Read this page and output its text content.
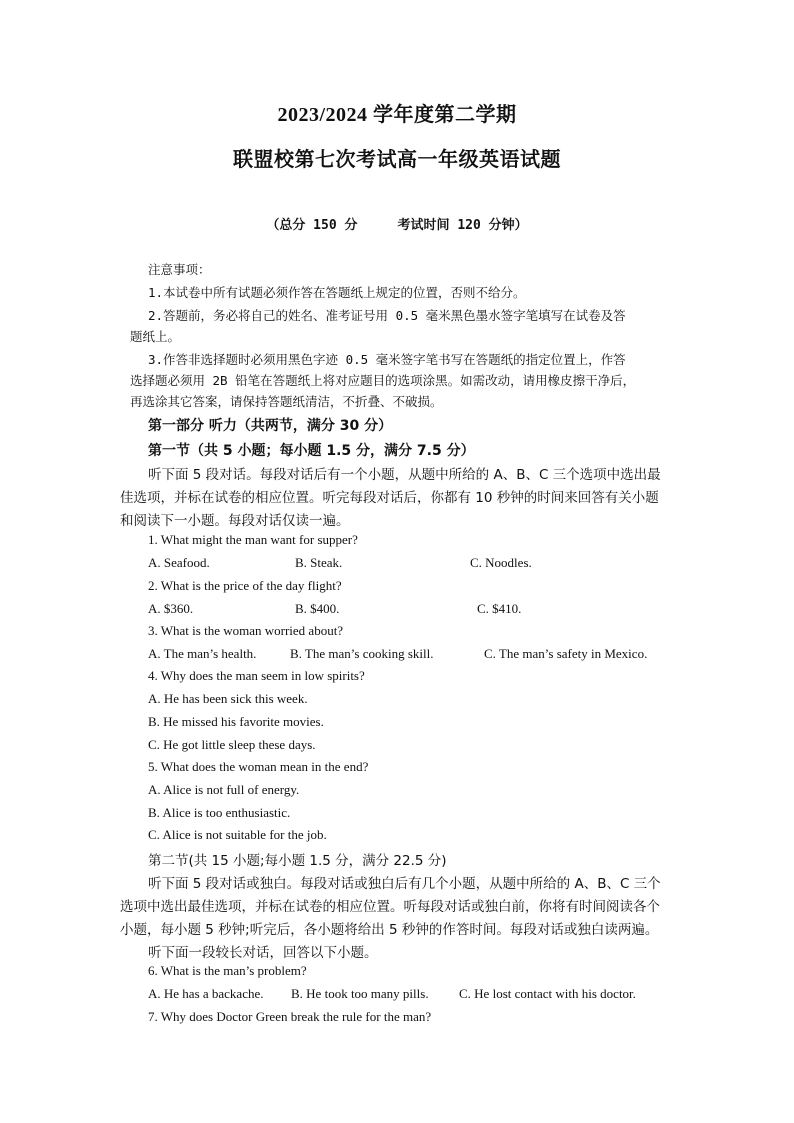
2023/2024 学年度第二学期
联盟校第七次考试高一年级英语试题
（总分 150 分	考试时间 120 分钟）

注意事项：

1.本试卷中所有试题必须作答在答题纸上规定的位置，否则不给分。

2.答题前，务必将自己的姓名、准考证号用 0.5 毫米黑色墨水签字笔填写在试卷及答

题纸上。

3.作答非选择题时必须用黑色字迹 0.5 毫米签字笔书写在答题纸的指定位置上，作答

选择题必须用 2B 铅笔在答题纸上将对应题目的选项涂黑。如需改动，请用橡皮擦干净后，

再选涂其它答案，请保持答题纸清洁，不折叠、不破损。

第一部分 听力（共两节，满分 30 分）
第一节（共 5 小题；每小题 1.5 分，满分 7.5 分）
听下面 5 段对话。每段对话后有一个小题，从题中所给的 A、B、C 三个选项中选出最
佳选项，并标在试卷的相应位置。听完每段对话后，你都有 10 秒钟的时间来回答有关小题
和阅读下一小题。每段对话仅读一遍。
1. What might the man want for supper?
A. Seafood.	B. Steak.	C. Noodles.
2. What is the price of the day flight?
A. $360.	B. $400.	C. $410.
3. What is the woman worried about?
A. The man’s health.	B. The man’s cooking skill.	C. The man’s safety in Mexico.
4. Why does the man seem in low spirits?
A. He has been sick this week.
B. He missed his favorite movies.
C. He got little sleep these days.
5. What does the woman mean in the end?
A. Alice is not full of energy.
B. Alice is too enthusiastic.
C. Alice is not suitable for the job.
第二节(共 15 小题;每小题 1.5 分，满分 22.5 分)
听下面 5 段对话或独白。每段对话或独白后有几个小题，从题中所给的 A、B、C 三个
选项中选出最佳选项，并标在试卷的相应位置。听每段对话或独白前，你将有时间阅读各个
小题，每小题 5 秒钟;听完后，各小题将给出 5 秒钟的作答时间。每段对话或独白读两遍。
听下面一段较长对话，回答以下小题。
6. What is the man’s problem?
A. He has a backache. B. He took too many pills. C. He lost contact with his doctor.
7. Why does Doctor Green break the rule for the man?
